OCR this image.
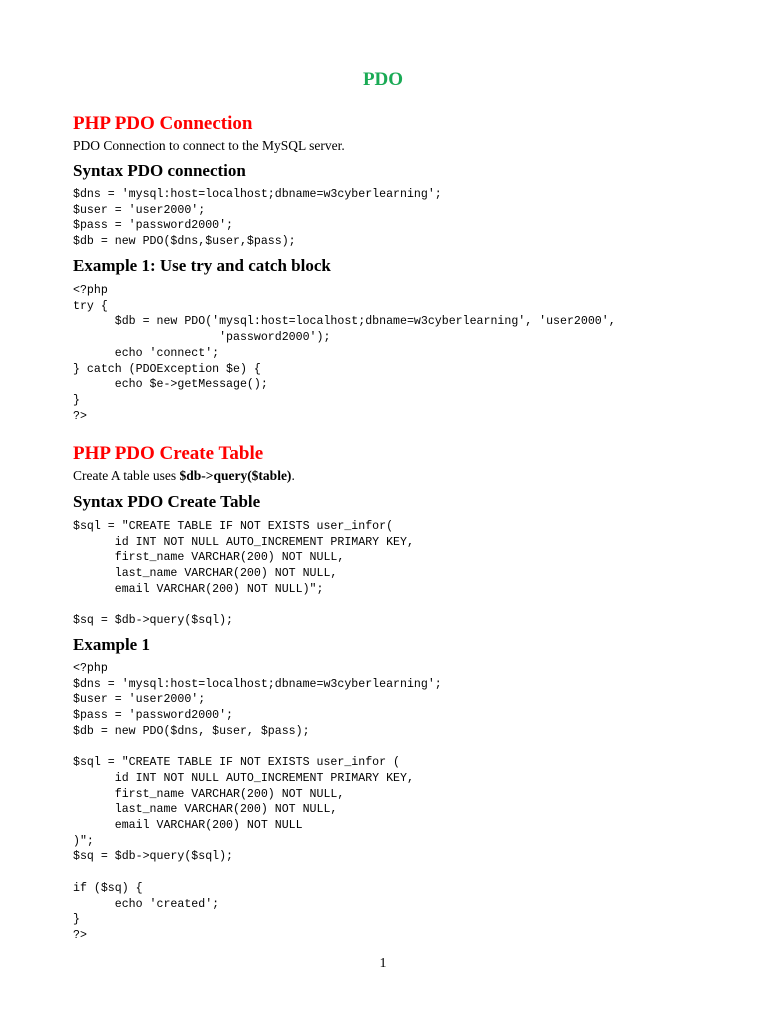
PDO
PHP PDO Connection
PDO Connection to connect to the MySQL server.
Syntax PDO connection
$dns = 'mysql:host=localhost;dbname=w3cyberlearning';
$user = 'user2000';
$pass = 'password2000';
$db = new PDO($dns,$user,$pass);
Example 1: Use try and catch block
<?php
try {
$db = new PDO('mysql:host=localhost;dbname=w3cyberlearning', 'user2000',
'password2000');
echo 'connect';
} catch (PDOException $e) {
echo $e->getMessage();
}
?>
PHP PDO Create Table
Create A table uses $db->query($table).
Syntax PDO Create Table
$sql = "CREATE TABLE IF NOT EXISTS user_infor(
id INT NOT NULL AUTO_INCREMENT PRIMARY KEY,
first_name VARCHAR(200) NOT NULL,
last_name VARCHAR(200) NOT NULL,
email VARCHAR(200) NOT NULL)";

$sq = $db->query($sql);
Example 1
<?php
$dns = 'mysql:host=localhost;dbname=w3cyberlearning';
$user = 'user2000';
$pass = 'password2000';
$db = new PDO($dns, $user, $pass);

$sql = "CREATE TABLE IF NOT EXISTS user_infor (
id INT NOT NULL AUTO_INCREMENT PRIMARY KEY,
first_name VARCHAR(200) NOT NULL,
last_name VARCHAR(200) NOT NULL,
email VARCHAR(200) NOT NULL
)";
$sq = $db->query($sql);

if ($sq) {
echo 'created';
}
?>
1
